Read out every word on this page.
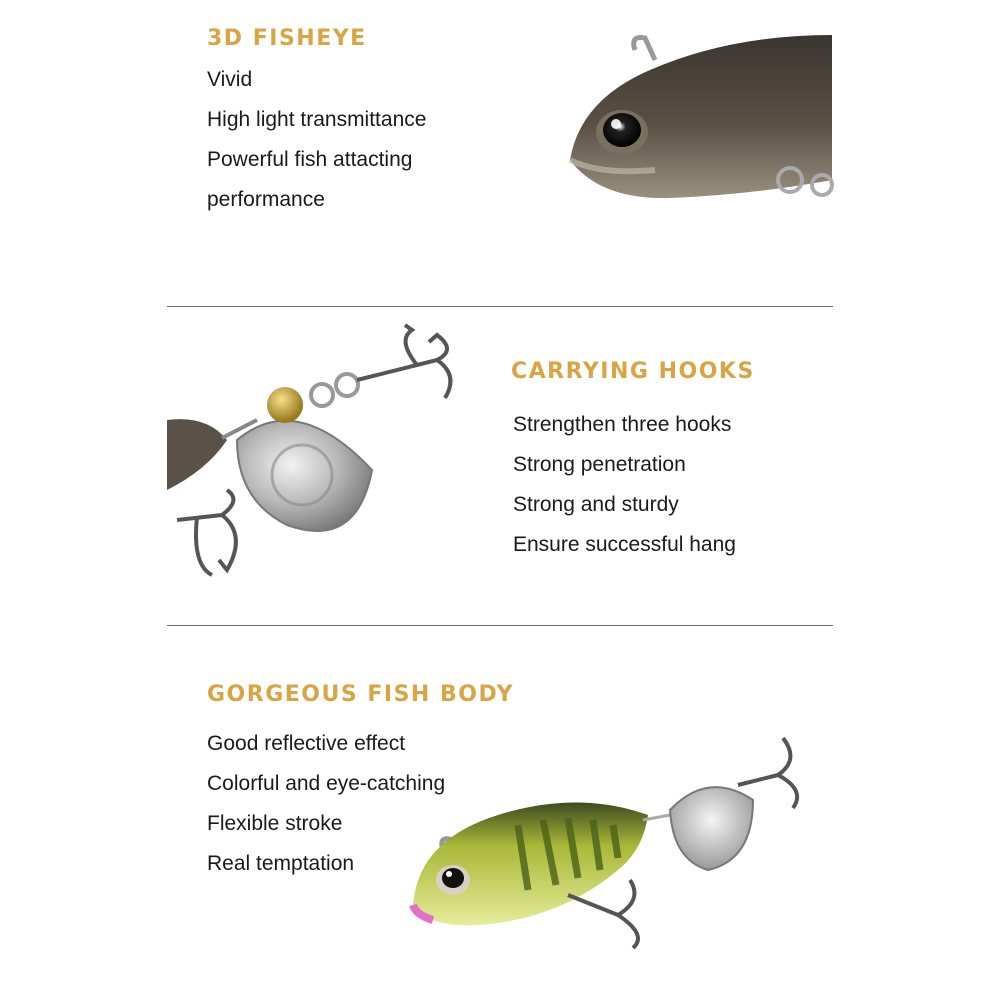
3D FISHEYE
Vivid
High light transmittance
Powerful fish attacting
performance
CARRYING HOOKS
Strengthen three hooks
Strong penetration
Strong and sturdy
Ensure successful hang
GORGEOUS FISH BODY
Good reflective effect
Colorful and eye-catching
Flexible stroke
Real temptation
